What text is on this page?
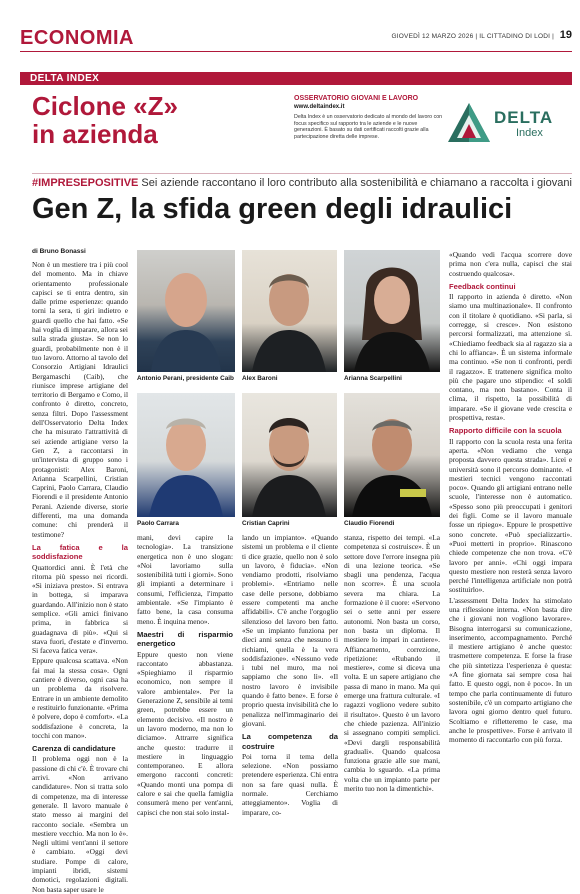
ECONOMIA	GIOVEDÌ 12 MARZO 2026 | IL CITTADINO DI LODI | 19
DELTA INDEX
Ciclone «Z»
in azienda
OSSERVATORIO GIOVANI E LAVORO
www.deltaindex.it
Delta Index è un osservatorio dedicato al mondo del lavoro con focus specifico sul rapporto tra le aziende e le nuove generazioni. È basato su dati certificati raccolti grazie alla partecipazione diretta delle imprese.
DELTA
Index
#IMPRESEPOSITIVE Sei aziende raccontano il loro contributo alla sostenibilità e chiamano a raccolta i giovani
Gen Z, la sfida green degli idraulici
di Bruno Bonassi

Non è un mestiere tra i più cool del momento. Ma in chiave orientamento professionale capisci se ti entra dentro, sin dalle prime esperienze: quando torni la sera, ti giri indietro e guardi quello che hai fatto. «Se hai voglia di imparare, allora sei sulla strada giusta». Se non lo guardi, probabilmente non è il tuo lavoro. Attorno al tavolo del Consorzio Artigiani Idraulici Bergamaschi (Caib), che riunisce imprese artigiane del territorio di Bergamo e Como, il confronto è diretto, concreto, senza filtri. Dopo l'assessment dell'Osservatorio Delta Index che ha misurato l'attrattività di sei aziende artigiane verso la Gen Z, a raccontarsi in un'intervista di gruppo sono i protagonisti: Alex Baroni, Arianna Scarpellini, Cristian Caprini, Paolo Carrara, Claudio Fiorendi e il presidente Antonio Perani. Aziende diverse, storie differenti, ma una domanda comune: chi prenderà il testimone?

La fatica e la soddisfazione

Quattordici anni. È l'età che ritorna più spesso nei ricordi. «Si iniziava presto». Si entrava in bottega, si imparava guardando. All'inizio non è stato semplice. «Gli amici finivano prima, in fabbrica si guadagnava di più». «Qui si stava fuori, d'estate e d'inverno. Si faceva fatica vera».

Eppure qualcosa scattava. «Non fai mai la stessa cosa». Ogni cantiere è diverso, ogni casa ha un problema da risolvere. Entrare in un ambiente demolito e restituirlo funzionante. «Prima è polvere, dopo è comfort». «La soddisfazione è concreta, la tocchi con mano».

Carenza di candidature

Il problema oggi non è la passione di chi c'è. È trovare chi arrivi. «Non arrivano candidature». Non si tratta solo di competenze, ma di interesse generale. Il lavoro manuale è stato messo ai margini del racconto sociale. «Sembra un mestiere vecchio. Ma non lo è». Negli ultimi vent'anni il settore è cambiato. «Oggi devi studiare. Pompe di calore, impianti ibridi, sistemi domotici, regolazioni digitali. Non basta saper usare le

Antonio Perani, presidente Caib Alex Baroni	Arianna Scarpellini
Paolo Carrara	Cristian Caprini	Claudio Fiorendi

mani, devi capire la tecnologia». La transizione energetica non è uno slogan: «Noi lavoriamo sulla sostenibilità tutti i giorni». Sono gli impianti a determinare i consumi, l'efficienza, l'impatto ambientale. «Se l'impianto è fatto bene, la casa consuma meno. È inquina meno».

Maestri di risparmio energetico

Eppure questo non viene raccontato abbastanza. «Spieghiamo il risparmio economico, non sempre il valore ambientale». Per la Generazione Z, sensibile ai temi green, potrebbe essere un elemento decisivo. «Il nostro è un lavoro moderno, ma non lo diciamo». Attrarre significa anche questo: tradurre il mestiere in linguaggio contemporaneo. E allora emergono racconti concreti: «Quando monti una pompa di calore e sai che quella famiglia consumerà meno per vent'anni, capisci che non stai solo instal-

lando un impianto». «Quando sistemi un problema e il cliente ti dice grazie, quello non è solo un lavoro, è fiducia». «Non vendiamo prodotti, risolviamo problemi». «Entriamo nelle case delle persone, dobbiamo essere competenti ma anche affidabili». C'è anche l'orgoglio silenzioso del lavoro ben fatto. «Se un impianto funziona per dieci anni senza che nessuno ti richiami, quella è la vera soddisfazione». «Nessuno vede i tubi nel muro, ma noi sappiamo che sono lì». «Il nostro lavoro è invisibile quando è fatto bene». E forse è proprio questa invisibilità che lo penalizza nell'immaginario dei giovani.

La competenza da costruire

Poi torna il tema della selezione. «Non possiamo pretendere esperienza. Chi entra non sa fare quasi nulla. È normale. Cerchiamo atteggiamento». Voglia di imparare, co-

stanza, rispetto dei tempi. «La competenza si costruisce». È un settore dove l'errore insegna più di una lezione teorica. «Se sbagli una pendenza, l'acqua non scorre». È una scuola severa ma chiara. La formazione è il cuore: «Servono sei o sette anni per essere autonomi. Non basta un corso, non basta un diploma. Il mestiere lo impari in cantiere». Affiancamento, correzione, ripetizione: «Rubando il mestiere», come si diceva una volta. E un sapere artigiano che passa di mano in mano. Ma qui emerge una frattura culturale. «I ragazzi vogliono vedere subito il risultato». Questo è un lavoro che chiede pazienza. All'inizio si assegnano compiti semplici. «Devi dargli responsabilità graduali». Quando qualcosa funziona grazie alle sue mani, cambia lo sguardo. «La prima volta che un impianto parte per merito tuo non la dimentichi».

«Quando vedi l'acqua scorrere dove prima non c'era nulla, capisci che stai costruendo qualcosa».

Feedback continui

Il rapporto in azienda è diretto. «Non siamo una multinazionale». Il confronto con il titolare è quotidiano. «Si parla, si corregge, si cresce». Non esistono percorsi formalizzati, ma attenzione sì. «Chiediamo feedback sia al ragazzo sia a chi lo affianca». È un sistema informale ma continuo. «Se non ti confronti, perdi il ragazzo». E trattenere significa molto più che pagare uno stipendio: «I soldi contano, ma non bastano». Conta il clima, il rispetto, la possibilità di imparare. «Se il giovane vede crescita e prospettiva, resta».

Rapporto difficile con la scuola

Il rapporto con la scuola resta una ferita aperta. «Non vediamo che venga proposta davvero questa strada». Licei e università sono il percorso dominante. «I mestieri tecnici vengono raccontati poco». Quando gli artigiani entrano nelle scuole, l'interesse non è automatico. «Spesso sono più preoccupati i genitori dei figli. Come se il lavoro manuale fosse un ripiego». Eppure le prospettive sono concrete. «Può specializzarti». «Puoi metterti in proprio». Rinascono chiede competenze che non trova. «C'è lavoro per anni». «Chi oggi impara questo mestiere non resterà senza lavoro perché l'intelligenza artificiale non potrà sostituirlo».

L'assessment Delta Index ha stimolato una riflessione interna. «Non basta dire che i giovani non vogliono lavorare». Bisogna interrogarsi su comunicazione, inserimento, accompagnamento. Perché il mestiere artigiano è anche questo: trasmettere competenza. E forse la frase che più sintetizza l'esperienza è questa: «A fine giornata sai sempre cosa hai fatto. E questo oggi, non è poco». In un tempo che parla continuamente di futuro sostenibile, c'è un comparto artigiano che lavora ogni giorno dentro quel futuro. Scoltiamo e rifletteremo le case, ma anche le prospettive». Forse è arrivato il momento di raccontarlo con più forza.
